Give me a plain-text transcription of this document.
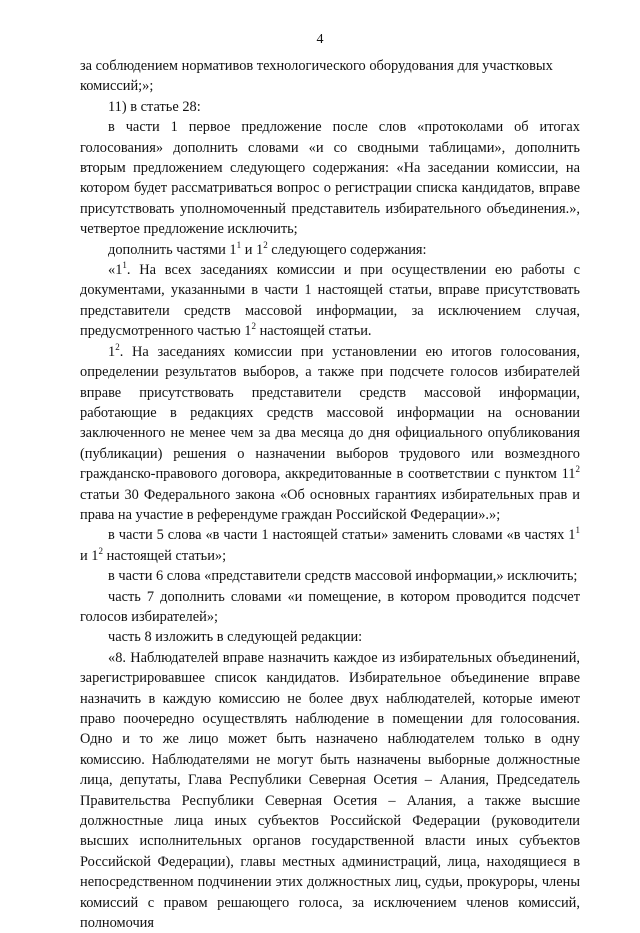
4

за соблюдением нормативов технологического оборудования для участковых комиссий;»;

11) в статье 28:

в части 1 первое предложение после слов «протоколами об итогах голосования» дополнить словами «и со сводными таблицами», дополнить вторым предложением следующего содержания: «На заседании комиссии, на котором будет рассматриваться вопрос о регистрации списка кандидатов, вправе присутствовать уполномоченный представитель избирательного объединения.», четвертое предложение исключить;

дополнить частями $1^1$ и $1^2$ следующего содержания:

«$1^1$. На всех заседаниях комиссии и при осуществлении ею работы с документами, указанными в части 1 настоящей статьи, вправе присутствовать представители средств массовой информации, за исключением случая, предусмотренного частью $1^2$ настоящей статьи.

$1^2$. На заседаниях комиссии при установлении ею итогов голосования, определении результатов выборов, а также при подсчете голосов избирателей вправе присутствовать представители средств массовой информации, работающие в редакциях средств массовой информации на основании заключенного не менее чем за два месяца до дня официального опубликования (публикации) решения о назначении выборов трудового или возмездного гражданско-правового договора, аккредитованные в соответствии с пунктом $11^2$ статьи 30 Федерального закона «Об основных гарантиях избирательных прав и права на участие в референдуме граждан Российской Федерации».»;

в части 5 слова «в части 1 настоящей статьи» заменить словами «в частях $1^1$ и $1^2$ настоящей статьи»;

в части 6 слова «представители средств массовой информации,» исключить;

часть 7 дополнить словами «и помещение, в котором проводится подсчет голосов избирателей»;

часть 8 изложить в следующей редакции:

«8. Наблюдателей вправе назначить каждое из избирательных объединений, зарегистрировавшее список кандидатов. Избирательное объединение вправе назначить в каждую комиссию не более двух наблюдателей, которые имеют право поочередно осуществлять наблюдение в помещении для голосования. Одно и то же лицо может быть назначено наблюдателем только в одну комиссию. Наблюдателями не могут быть назначены выборные должностные лица, депутаты, Глава Республики Северная Осетия – Алания, Председатель Правительства Республики Северная Осетия – Алания, а также высшие должностные лица иных субъектов Российской Федерации (руководители высших исполнительных органов государственной власти иных субъектов Российской Федерации), главы местных администраций, лица, находящиеся в непосредственном подчинении этих должностных лиц, судьи, прокуроры, члены комиссий с правом решающего голоса, за исключением членов комиссий, полномочия
